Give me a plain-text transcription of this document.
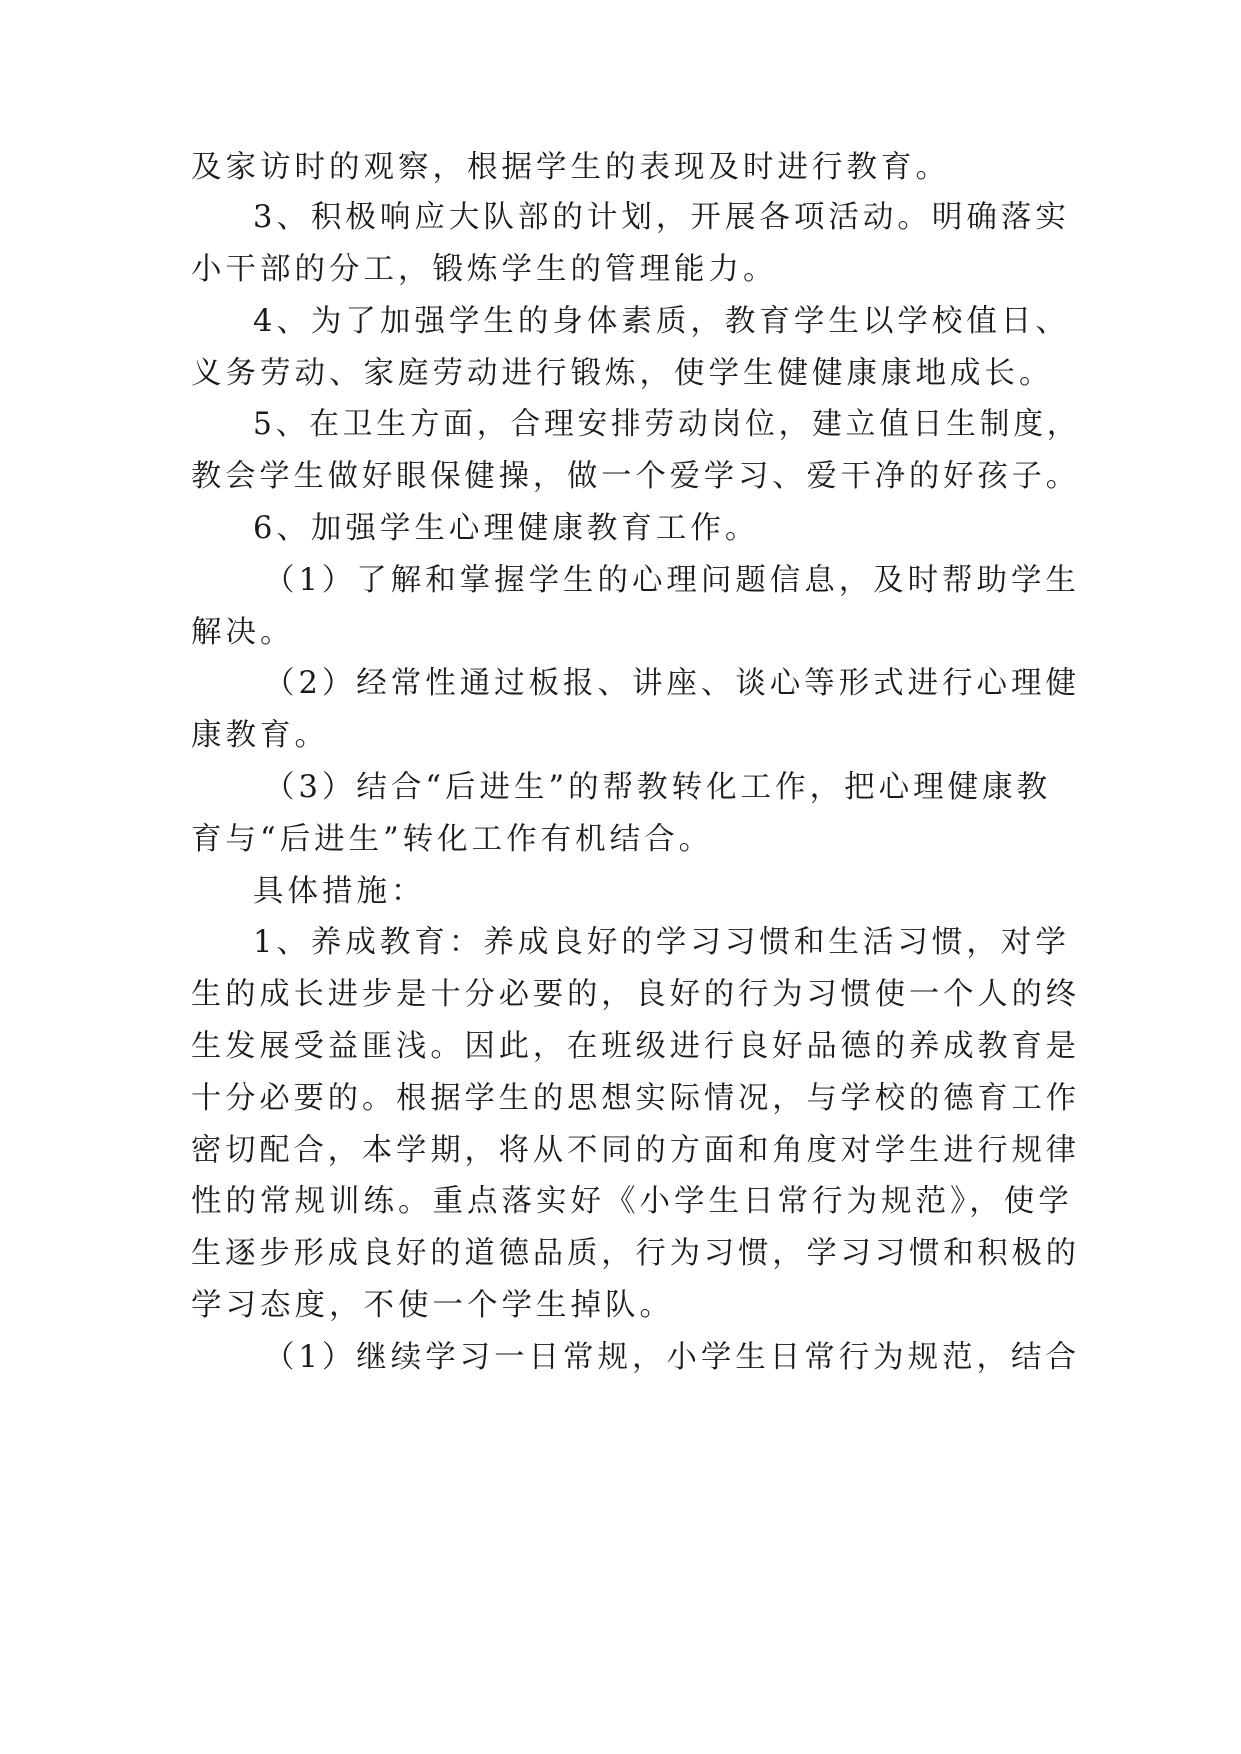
及家访时的观察，根据学生的表现及时进行教育。
3、积极响应大队部的计划，开展各项活动。明确落实
小干部的分工，锻炼学生的管理能力。
4、为了加强学生的身体素质，教育学生以学校值日、
义务劳动、家庭劳动进行锻炼，使学生健健康康地成长。
5、在卫生方面，合理安排劳动岗位，建立值日生制度，
教会学生做好眼保健操，做一个爱学习、爱干净的好孩子。
6、加强学生心理健康教育工作。
（1）了解和掌握学生的心理问题信息，及时帮助学生
解决。
（2）经常性通过板报、讲座、谈心等形式进行心理健
康教育。
（3）结合“后进生”的帮教转化工作，把心理健康教
育与“后进生”转化工作有机结合。
具体措施：
1、养成教育：养成良好的学习习惯和生活习惯，对学
生的成长进步是十分必要的，良好的行为习惯使一个人的终
生发展受益匪浅。因此，在班级进行良好品德的养成教育是
十分必要的。根据学生的思想实际情况，与学校的德育工作
密切配合，本学期，将从不同的方面和角度对学生进行规律
性的常规训练。重点落实好《小学生日常行为规范》，使学
生逐步形成良好的道德品质，行为习惯，学习习惯和积极的
学习态度，不使一个学生掉队。
（1）继续学习一日常规，小学生日常行为规范，结合
